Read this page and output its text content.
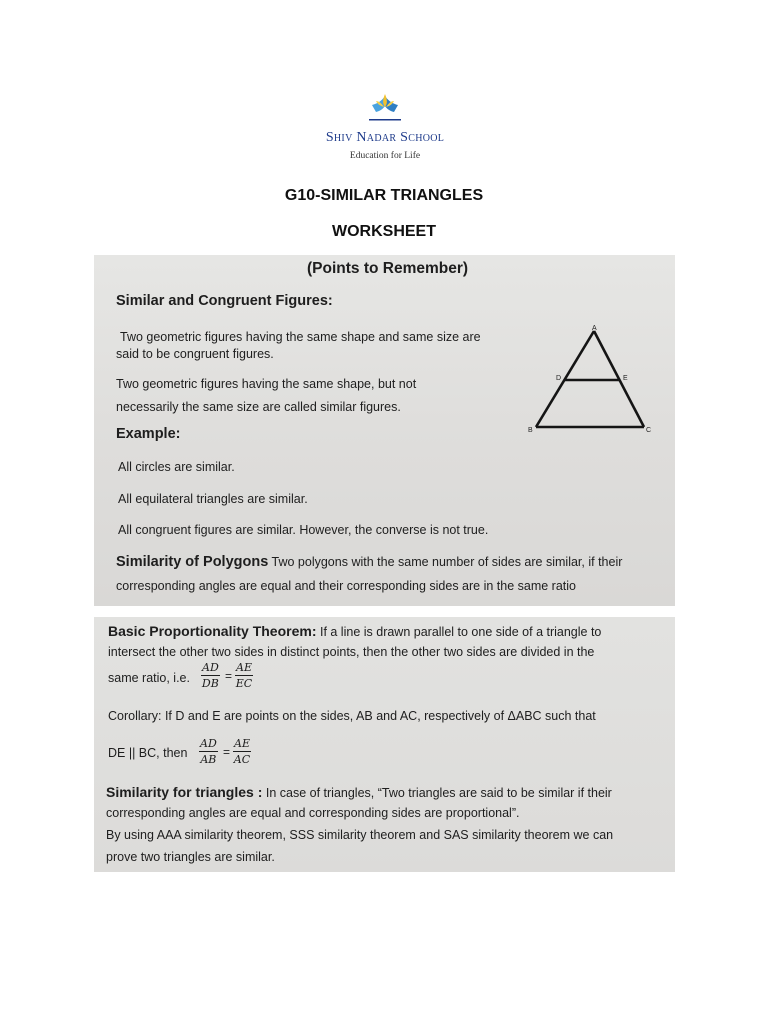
Shiv Nadar School
Education for Life
G10-SIMILAR TRIANGLES
WORKSHEET
(Points to Remember)
Similar and Congruent Figures:
Two geometric figures having the same shape and same size are
said to be congruent figures.
Two geometric figures having the same shape, but not
necessarily the same size are called similar figures.
Example:
All circles are similar.
All equilateral triangles are similar.
All congruent figures are similar. However, the converse is not true.
Similarity of Polygons Two polygons with the same number of sides are similar, if their
corresponding angles are equal and their corresponding sides are in the same ratio
A
D	E
B	C
Basic Proportionality Theorem: If a line is drawn parallel to one side of a triangle to
intersect the other two sides in distinct points, then the other two sides are divided in the
same ratio, i.e. $\frac{AD}{DB} = \frac{AE}{EC}$
Corollary: If D and E are points on the sides, AB and AC, respectively of ΔABC such that
DE || BC, then $\frac{AD}{AB} = \frac{AE}{AC}$
Similarity for triangles : In case of triangles, “Two triangles are said to be similar if their
corresponding angles are equal and corresponding sides are proportional”.
By using AAA similarity theorem, SSS similarity theorem and SAS similarity theorem we can
prove two triangles are similar.
